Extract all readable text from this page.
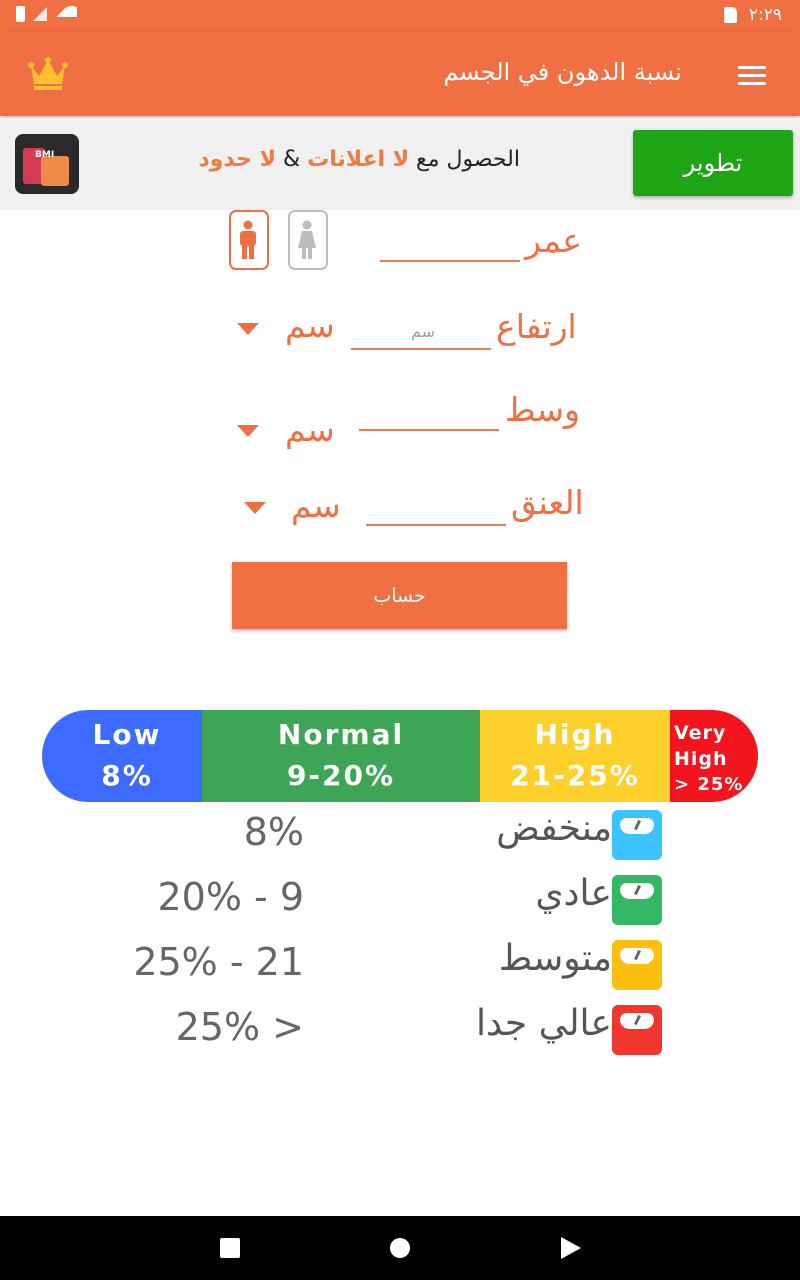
٢:٢٩
نسبة الدهون في الجسم
BMI	الحصول مع لا اعلانات & لا حدود	تطوير
عمر
ارتفاع
سم
سم
وسط
سم
العنق
سم
حساب
Low
8%
Normal
9-20%
High
21-25%
Very
High
> 25%
منخفض
8%
عادي
20% - 9
متوسط
25% - 21
عالي جدا
25% >
